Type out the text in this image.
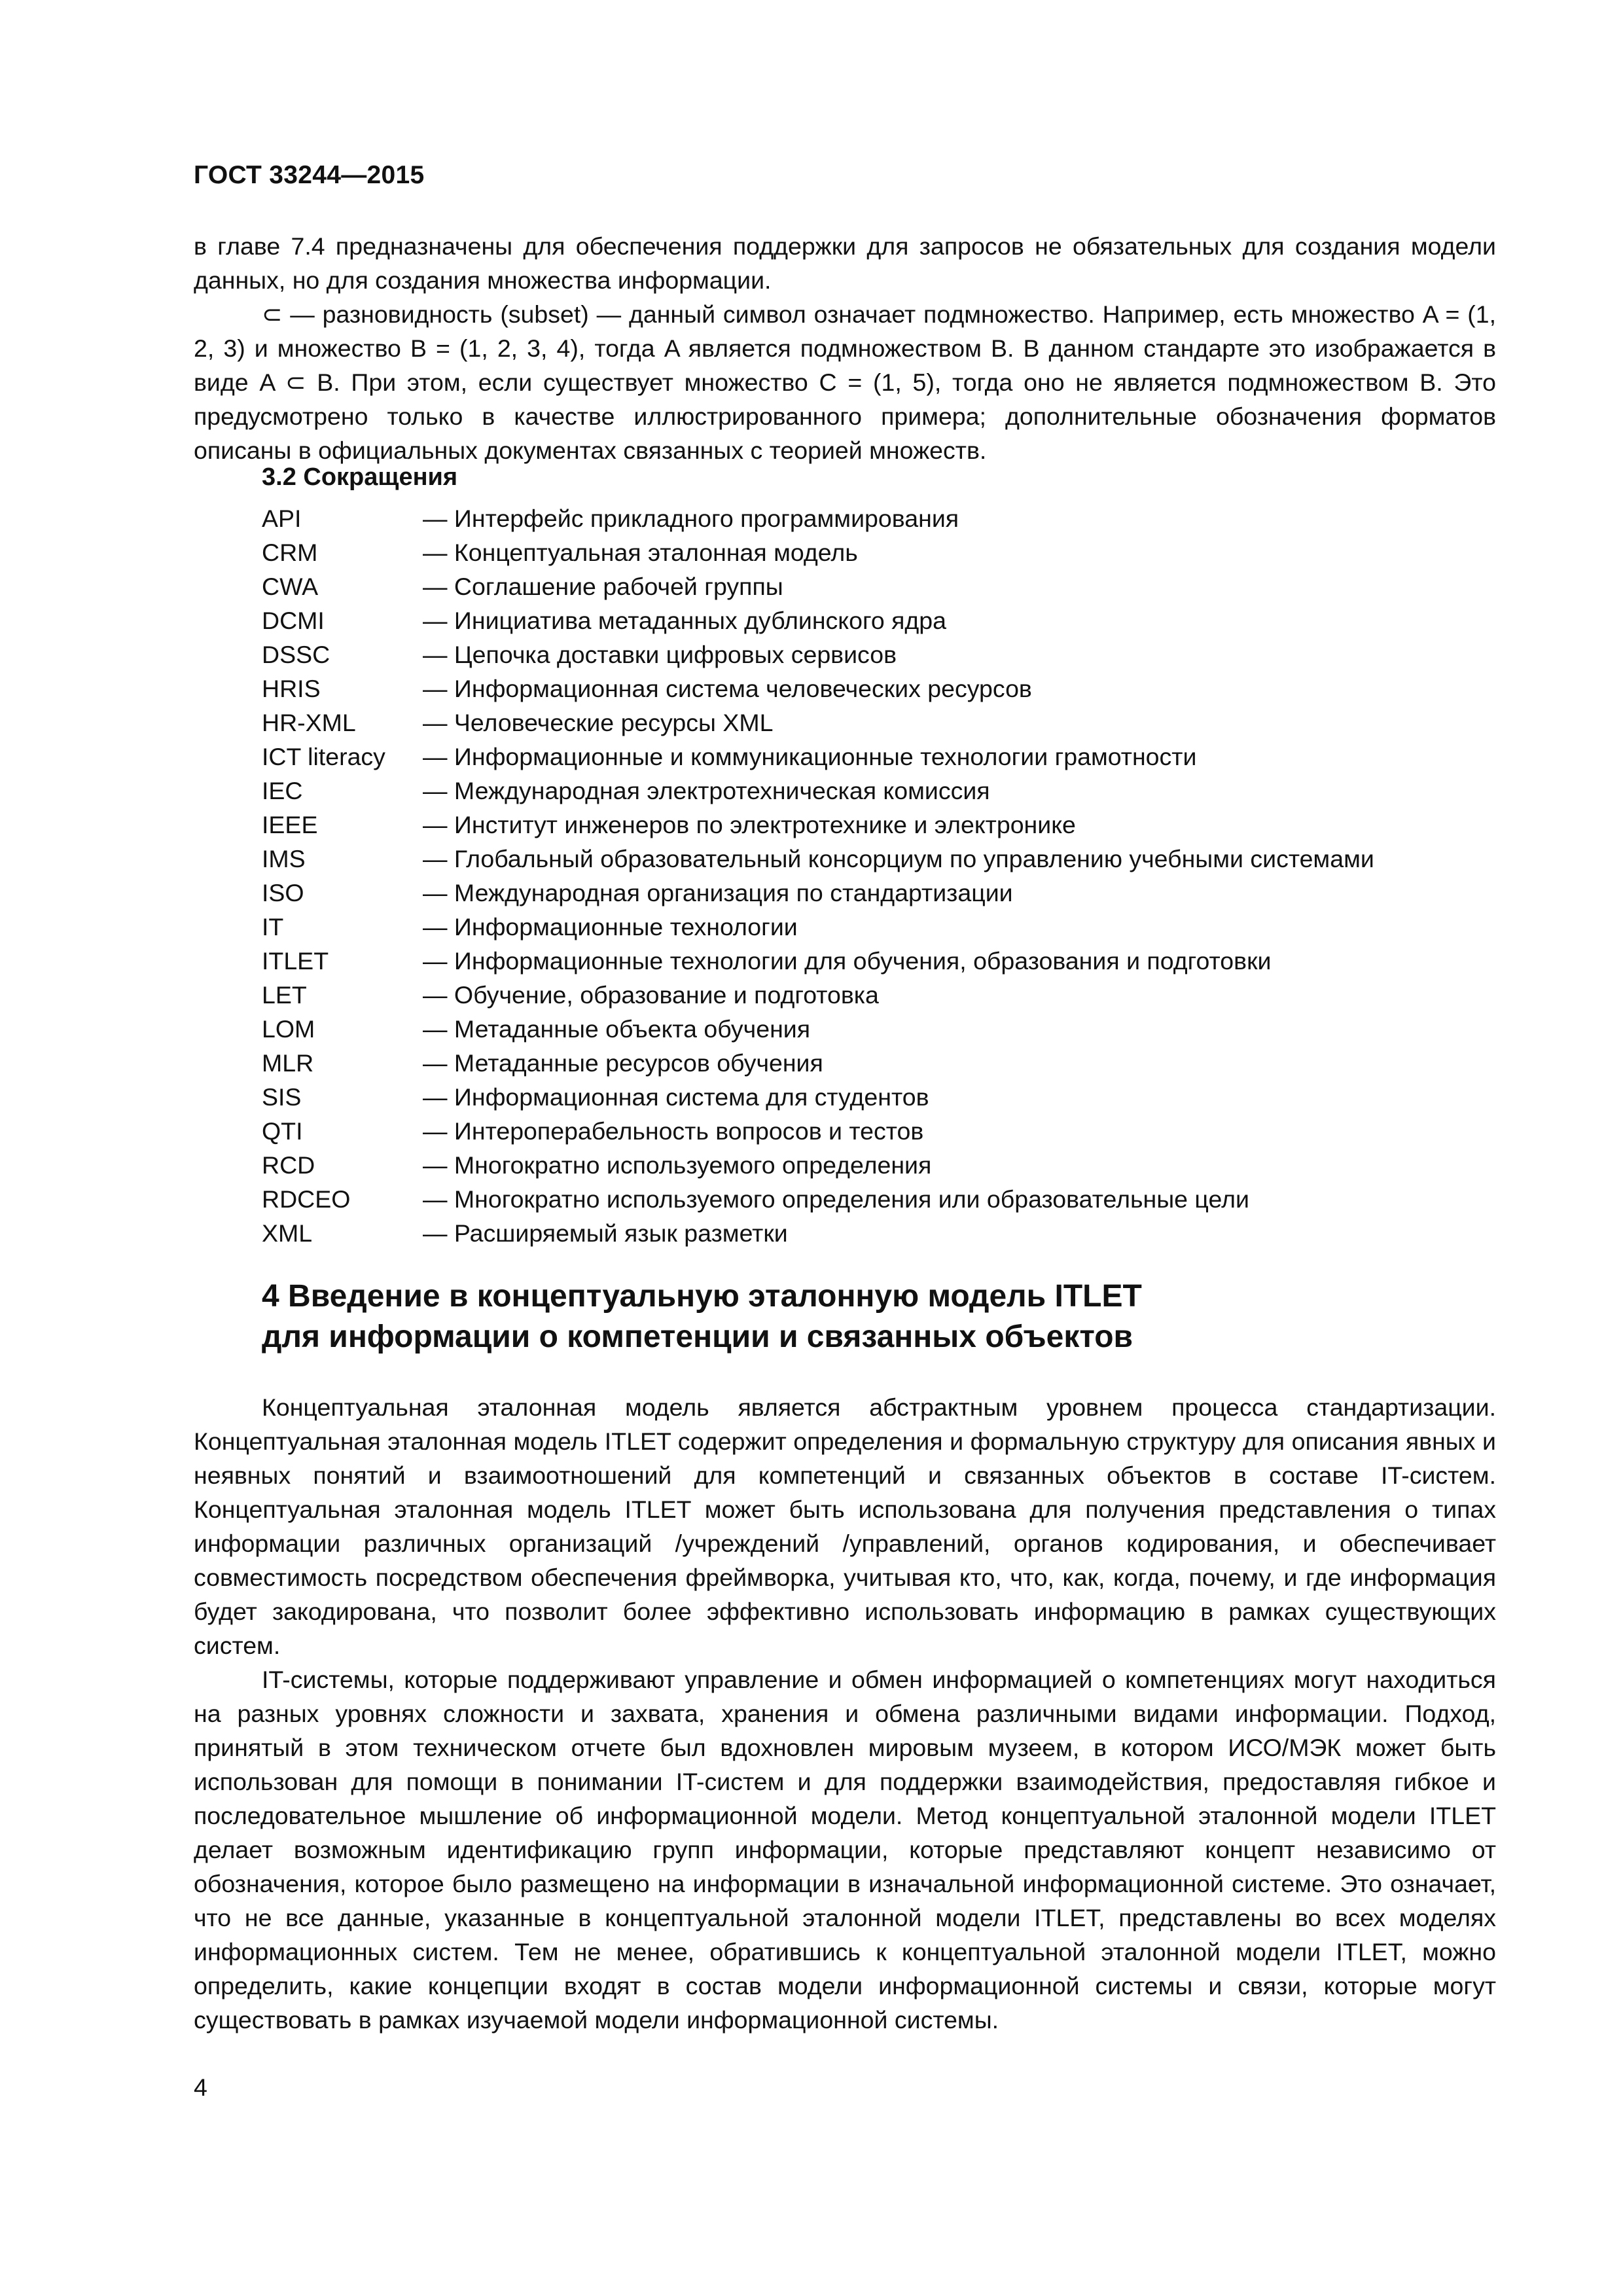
ГОСТ 33244—2015

в главе 7.4 предназначены для обеспечения поддержки для запросов не обязательных для создания модели данных, но для создания множества информации.

⊂ — разновидность (subset) — данный символ означает подмножество. Например, есть множество A = (1, 2, 3) и множество B = (1, 2, 3, 4), тогда A является подмножеством B. В данном стандарте это изображается в виде A ⊂ B. При этом, если существует множество C = (1, 5), тогда оно не является подмножеством B. Это предусмотрено только в качестве иллюстрированного примера; дополнительные обозначения форматов описаны в официальных документах связанных с теорией множеств.

3.2 Сокращения
API	— Интерфейс прикладного программирования
CRM	— Концептуальная эталонная модель
CWA	— Соглашение рабочей группы
DCMI	— Инициатива метаданных дублинского ядра
DSSC	— Цепочка доставки цифровых сервисов
HRIS	— Информационная система человеческих ресурсов
HR-XML	— Человеческие ресурсы XML
ICT literacy	— Информационные и коммуникационные технологии грамотности
IEC	— Международная электротехническая комиссия
IEEE	— Институт инженеров по электротехнике и электронике
IMS	— Глобальный образовательный консорциум по управлению учебными системами
ISO	— Международная организация по стандартизации
IT	— Информационные технологии
ITLET	— Информационные технологии для обучения, образования и подготовки
LET	— Обучение, образование и подготовка
LOM	— Метаданные объекта обучения
MLR	— Метаданные ресурсов обучения
SIS	— Информационная система для студентов
QTI	— Интероперабельность вопросов и тестов
RCD	— Многократно используемого определения
RDCEO	— Многократно используемого определения или образовательные цели
XML	— Расширяемый язык разметки
4 Введение в концептуальную эталонную модель ITLET
для информации о компетенции и связанных объектов

Концептуальная эталонная модель является абстрактным уровнем процесса стандартизации. Концептуальная эталонная модель ITLET содержит определения и формальную структуру для описания явных и неявных понятий и взаимоотношений для компетенций и связанных объектов в составе IT-систем. Концептуальная эталонная модель ITLET может быть использована для получения представления о типах информации различных организаций /учреждений /управлений, органов кодирования, и обеспечивает совместимость посредством обеспечения фреймворка, учитывая кто, что, как, когда, почему, и где информация будет закодирована, что позволит более эффективно использовать информацию в рамках существующих систем.

IT-системы, которые поддерживают управление и обмен информацией о компетенциях могут находиться на разных уровнях сложности и захвата, хранения и обмена различными видами информации. Подход, принятый в этом техническом отчете был вдохновлен мировым музеем, в котором ИСО/МЭК может быть использован для помощи в понимании IT-систем и для поддержки взаимодействия, предоставляя гибкое и последовательное мышление об информационной модели. Метод концептуальной эталонной модели ITLET делает возможным идентификацию групп информации, которые представляют концепт независимо от обозначения, которое было размещено на информации в изначальной информационной системе. Это означает, что не все данные, указанные в концептуальной эталонной модели ITLET, представлены во всех моделях информационных систем. Тем не менее, обратившись к концептуальной эталонной модели ITLET, можно определить, какие концепции входят в состав модели информационной системы и связи, которые могут существовать в рамках изучаемой модели информационной системы.

4
